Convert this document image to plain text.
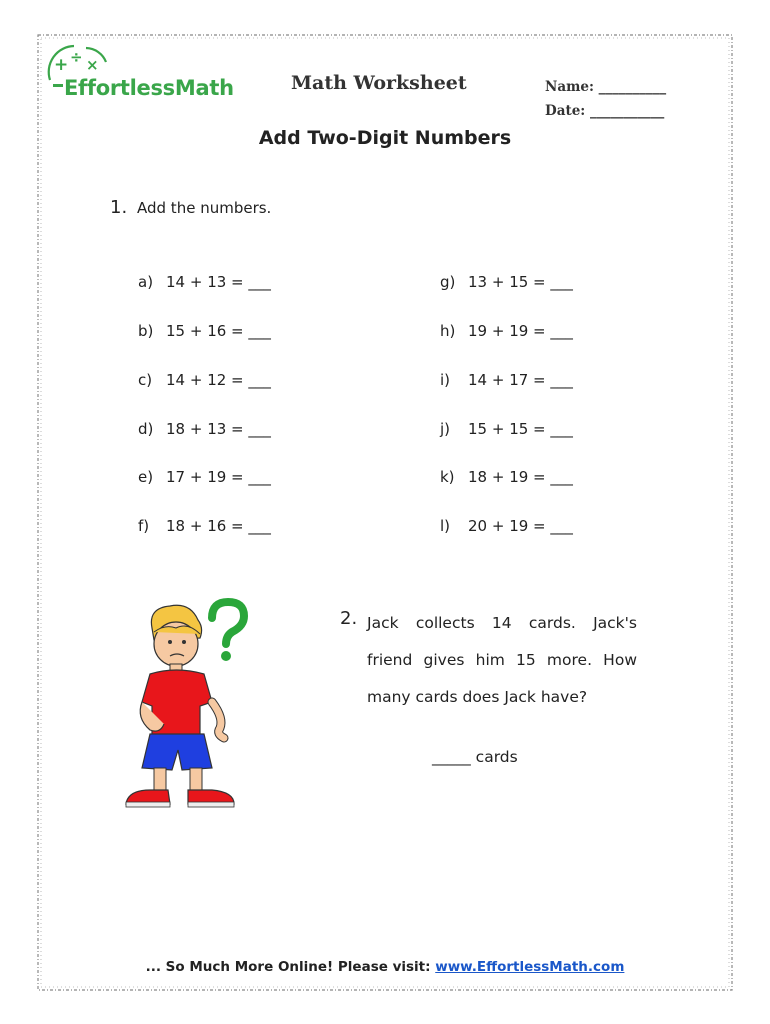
+ ÷ ×
EffortlessMath	Math Worksheet	Name: __________
Date: ___________
Add Two-Digit Numbers
1. Add the numbers.
a) 14 + 13 = ___
b) 15 + 16 = ___
c) 14 + 12 = ___
d) 18 + 13 = ___
e) 17 + 19 = ___
f) 18 + 16 = ___
g) 13 + 15 = ___
h) 19 + 19 = ___
i) 14 + 17 = ___
j) 15 + 15 = ___
k) 18 + 19 = ___
l) 20 + 19 = ___
2. Jack collects 14 cards. Jack's friend gives him 15 more. How many cards does Jack have?
_____ cards
... So Much More Online! Please visit: www.EffortlessMath.com
